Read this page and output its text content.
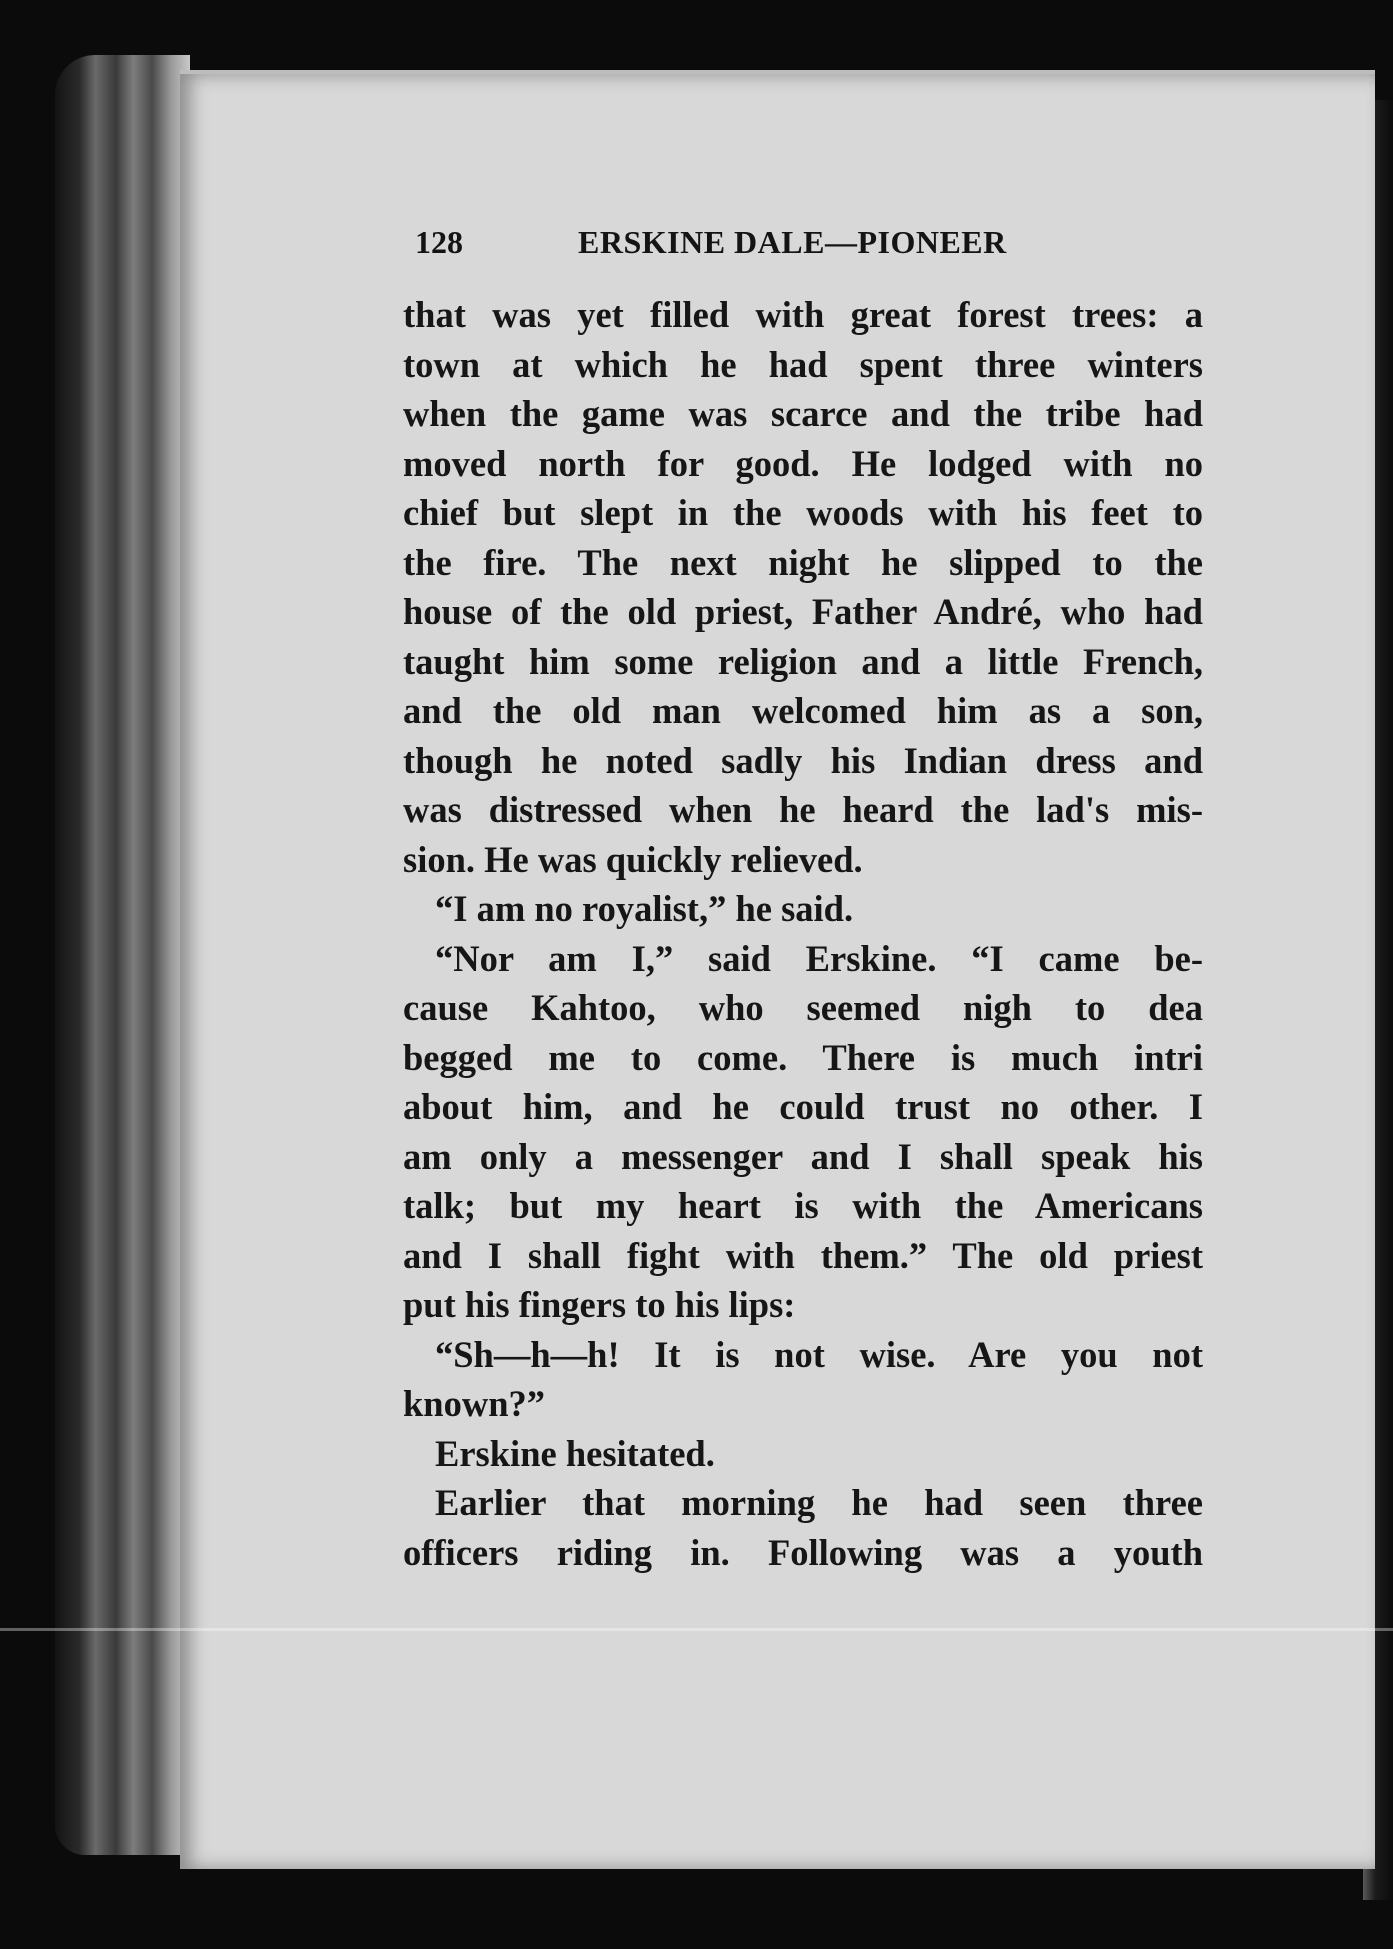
128	ERSKINE DALE—PIONEER
that was yet filled with great forest trees: a
town at which he had spent three winters
when the game was scarce and the tribe had
moved north for good. He lodged with no
chief but slept in the woods with his feet to
the fire. The next night he slipped to the
house of the old priest, Father André, who had
taught him some religion and a little French,
and the old man welcomed him as a son,
though he noted sadly his Indian dress and
was distressed when he heard the lad's mis-
sion. He was quickly relieved.
“I am no royalist,” he said.
“Nor am I,” said Erskine. “I came be-
cause Kahtoo, who seemed nigh to dea
begged me to come. There is much intri
about him, and he could trust no other. I
am only a messenger and I shall speak his
talk; but my heart is with the Americans
and I shall fight with them.” The old priest
put his fingers to his lips:
“Sh—h—h! It is not wise. Are you not
known?”
Erskine hesitated.
Earlier that morning he had seen three
officers riding in. Following was a youth
